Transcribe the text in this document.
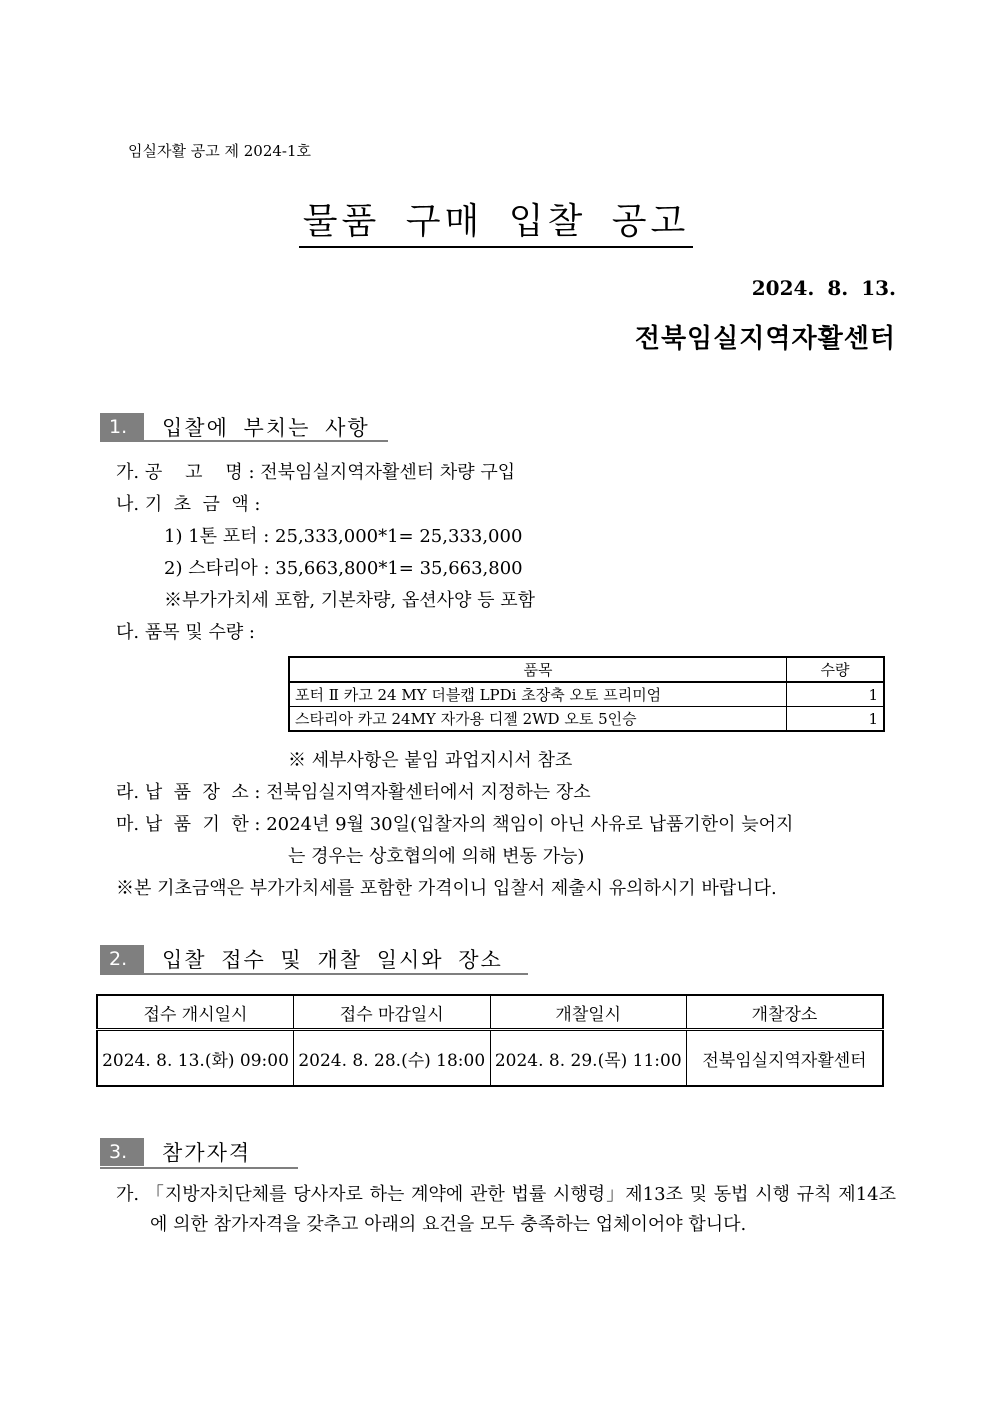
임실자활 공고 제 2024-1호
물품 구매 입찰 공고
2024. 8. 13.
전북임실지역자활센터
1.	입찰에 부치는 사항
가. 공    고    명 : 전북임실지역자활센터 차량 구입
나. 기  초  금  액 :
1) 1톤 포터 : 25,333,000*1= 25,333,000
2) 스타리아 : 35,663,800*1= 35,663,800
※부가가치세 포함, 기본차량, 옵션사양 등 포함
다. 품목 및 수량 :
품목	수량
포터 Ⅱ 카고 24 MY 더블캡 LPDi 초장축 오토 프리미엄	1
스타리아 카고 24MY 자가용 디젤 2WD 오토 5인승	1
※ 세부사항은 붙임 과업지시서 참조
라. 납  품  장  소 : 전북임실지역자활센터에서 지정하는 장소
마. 납  품  기  한 : 2024년 9월 30일(입찰자의 책임이 아닌 사유로 납품기한이 늦어지
는 경우는 상호협의에 의해 변동 가능)
※본 기초금액은 부가가치세를 포함한 가격이니 입찰서 제출시 유의하시기 바랍니다.
2.	입찰 접수 및 개찰 일시와 장소
접수 개시일시	접수 마감일시	개찰일시	개찰장소
2024. 8. 13.(화) 09:00	2024. 8. 28.(수) 18:00	2024. 8. 29.(목) 11:00	전북임실지역자활센터
3.	참가자격
가. 「지방자치단체를 당사자로 하는 계약에 관한 법률 시행령」제13조 및 동법 시행 규칙 제14조에 의한 참가자격을 갖추고 아래의 요건을 모두 충족하는 업체이어야 합니다.
